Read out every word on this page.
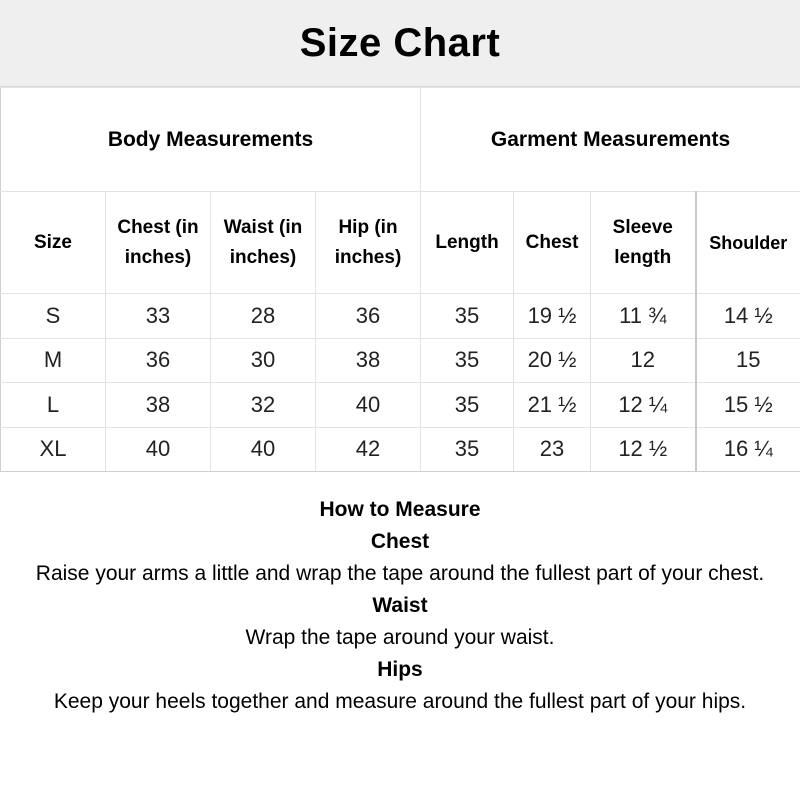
Size Chart
Body Measurements				Garment Measurements			
Size	Chest (in inches)	Waist (in inches)	Hip (in inches)	Length	Chest	Sleeve length	Shoulder
S	33	28	36	35	19 ½	11 ¾	14 ½
M	36	30	38	35	20 ½	12	15
L	38	32	40	35	21 ½	12 ¼	15 ½
XL	40	40	42	35	23	12 ½	16 ¼
How to Measure
Chest
Raise your arms a little and wrap the tape around the fullest part of your chest.
Waist
Wrap the tape around your waist.
Hips
Keep your heels together and measure around the fullest part of your hips.
